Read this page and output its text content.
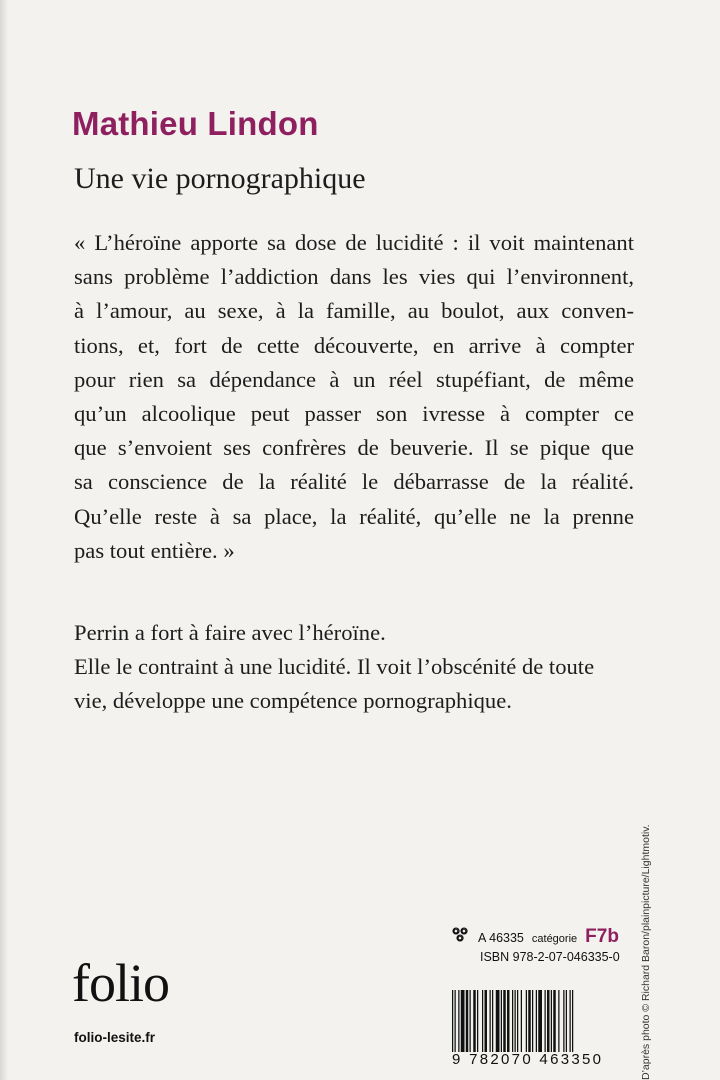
Mathieu Lindon
Une vie pornographique
« L’héroïne apporte sa dose de lucidité : il voit maintenant
sans problème l’addiction dans les vies qui l’environnent,
à l’amour, au sexe, à la famille, au boulot, aux conven-
tions, et, fort de cette découverte, en arrive à compter
pour rien sa dépendance à un réel stupéfiant, de même
qu’un alcoolique peut passer son ivresse à compter ce
que s’envoient ses confrères de beuverie. Il se pique que
sa conscience de la réalité le débarrasse de la réalité.
Qu’elle reste à sa place, la réalité, qu’elle ne la prenne
pas tout entière. »
Perrin a fort à faire avec l’héroïne.
Elle le contraint à une lucidité. Il voit l’obscénité de toute
vie, développe une compétence pornographique.
D’après photo © Richard Baron/plainpicture/Lightmotiv.
A 46335 catégorie F7b
ISBN 978-2-07-046335-0
9 782070 463350
folio
folio-lesite.fr
